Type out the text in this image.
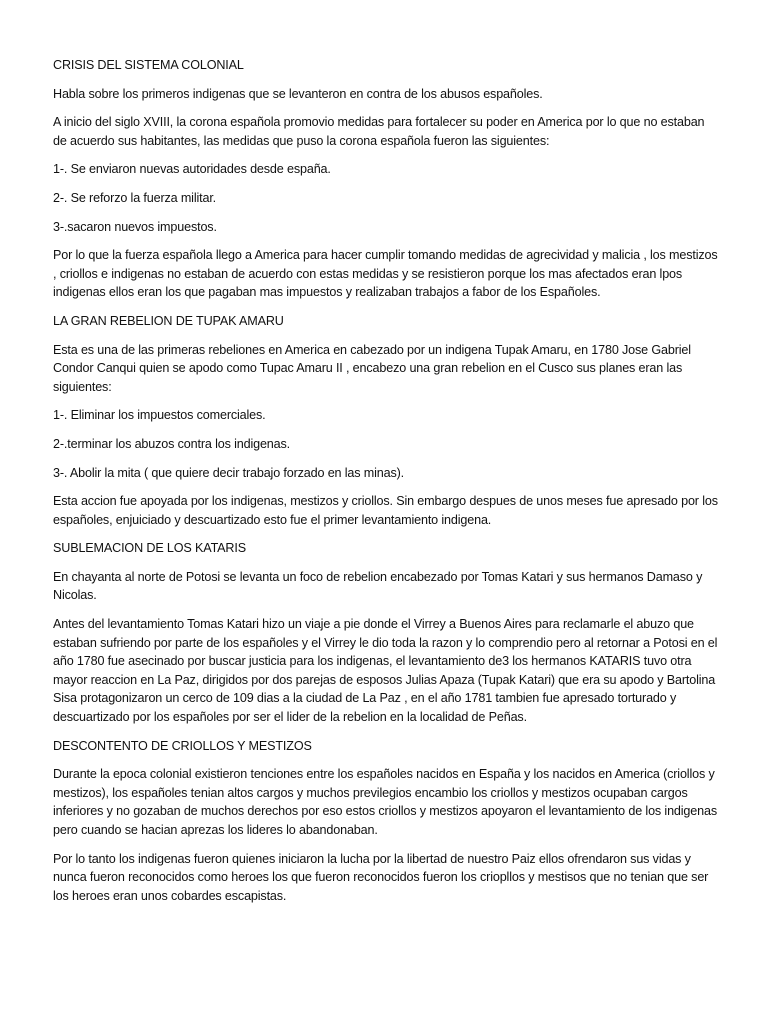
CRISIS DEL SISTEMA COLONIAL

Habla sobre los primeros indigenas que se levanteron en contra de los abusos españoles.

A inicio del siglo XVIII, la corona española promovio medidas para fortalecer su poder en America por lo que no estaban de acuerdo sus habitantes, las medidas que puso la corona española fueron las siguientes:

1-. Se enviaron nuevas autoridades desde españa.

2-. Se reforzo la fuerza militar.

3-.sacaron nuevos impuestos.

Por lo que la fuerza española llego a America para hacer cumplir tomando medidas de agrecividad y malicia , los mestizos , criollos e indigenas no estaban de acuerdo con estas medidas y se resistieron porque los mas afectados eran lpos indigenas ellos eran los que pagaban mas impuestos y realizaban trabajos a fabor de los Españoles.

LA GRAN REBELION DE TUPAK AMARU

Esta es una de las primeras rebeliones en America en cabezado por un indigena Tupak Amaru, en 1780 Jose Gabriel Condor Canqui quien se apodo como Tupac Amaru II , encabezo una gran rebelion en el Cusco sus planes eran las siguientes:

1-. Eliminar los impuestos comerciales.

2-.terminar los abuzos contra los indigenas.

3-. Abolir la mita ( que quiere decir trabajo forzado en las minas).

Esta accion fue apoyada por los indigenas, mestizos y criollos. Sin embargo despues de unos meses fue apresado por los españoles, enjuiciado y descuartizado esto fue el primer levantamiento indigena.

SUBLEMACION DE LOS KATARIS

En chayanta al norte de Potosi se levanta un foco de rebelion encabezado por Tomas Katari y sus hermanos Damaso y Nicolas.

Antes del levantamiento Tomas Katari hizo un viaje a pie donde el Virrey a Buenos Aires para reclamarle el abuzo que estaban sufriendo por parte de los españoles y el Virrey le dio toda la razon y lo comprendio pero al retornar a Potosi en el año 1780 fue asecinado por buscar justicia para los indigenas, el levantamiento de3 los hermanos KATARIS tuvo otra mayor reaccion en La Paz, dirigidos por dos parejas de esposos Julias Apaza (Tupak Katari) que era su apodo y Bartolina Sisa protagonizaron un cerco de 109 dias a la ciudad de La Paz , en el año 1781 tambien fue apresado torturado y descuartizado por los españoles por ser el lider de la rebelion en la localidad de Peñas.

DESCONTENTO DE CRIOLLOS Y MESTIZOS

Durante la epoca colonial existieron tenciones entre los españoles nacidos en España y los nacidos en America (criollos y mestizos), los españoles tenian altos cargos y muchos previlegios encambio los criollos y mestizos ocupaban cargos inferiores y no gozaban de muchos derechos por eso estos criollos y mestizos apoyaron el levantamiento de los indigenas pero cuando se hacian aprezas los lideres lo abandonaban.

Por lo tanto los indigenas fueron quienes iniciaron la lucha por la libertad de nuestro Paiz ellos ofrendaron sus vidas y nunca fueron reconocidos como heroes los que fueron reconocidos fueron los criopllos y mestisos que no tenian que ser los heroes eran unos cobardes escapistas.
